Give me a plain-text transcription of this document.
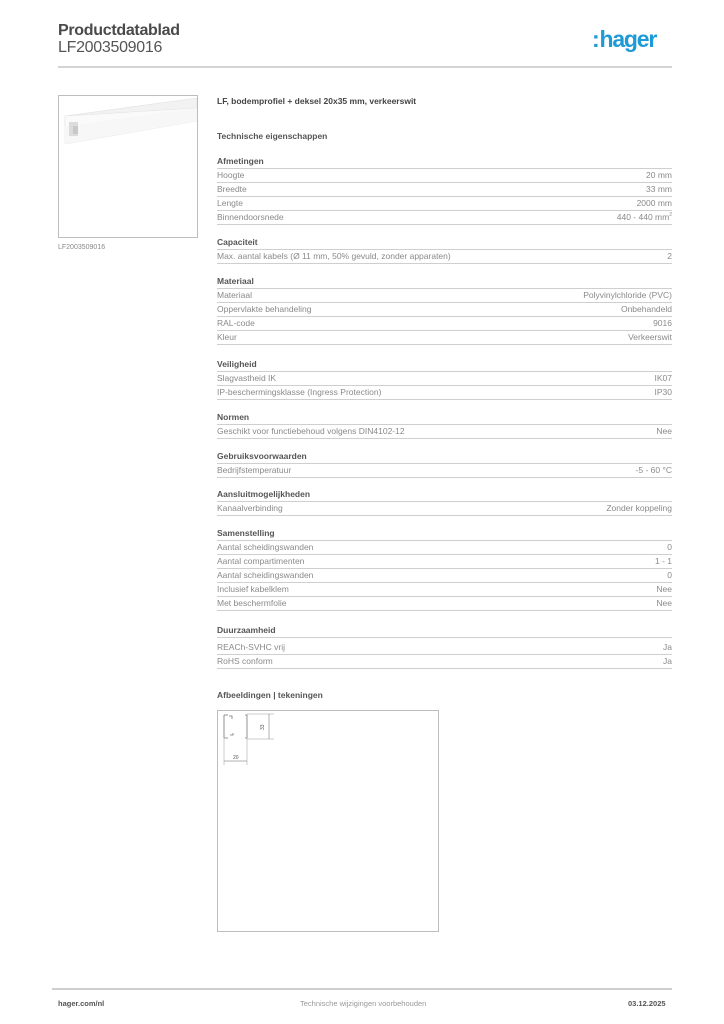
Productdatablad
LF2003509016	:hager
LF2003509016
LF, bodemprofiel + deksel 20x35 mm, verkeerswit
Technische eigenschappen
Afmetingen
Hoogte	20 mm
Breedte	33 mm
Lengte	2000 mm
Binnendoorsnede	440 - 440 $mm^2$
Capaciteit
Max. aantal kabels (Ø 11 mm, 50% gevuld, zonder apparaten)	2
Materiaal
Materiaal	Polyvinylchloride (PVC)
Oppervlakte behandeling	Onbehandeld
RAL-code	9016
Kleur	Verkeerswit
Veiligheid
Slagvastheid IK	IK07
IP-beschermingsklasse (Ingress Protection)	IP30
Normen
Geschikt voor functiebehoud volgens DIN4102-12	Nee
Gebruiksvoorwaarden
Bedrijfstemperatuur	-5 - 60 °C
Aansluitmogelijkheden
Kanaalverbinding	Zonder koppeling
Samenstelling
Aantal scheidingswanden	0
Aantal compartimenten	1 - 1
Aantal scheidingswanden	0
Inclusief kabelklem	Nee
Met beschermfolie	Nee
Duurzaamheid
REACh-SVHC vrij	Ja
RoHS conform	Ja
Afbeeldingen | tekeningen
20
33
hager.com/nl	Technische wijzigingen voorbehouden	03.12.2025
